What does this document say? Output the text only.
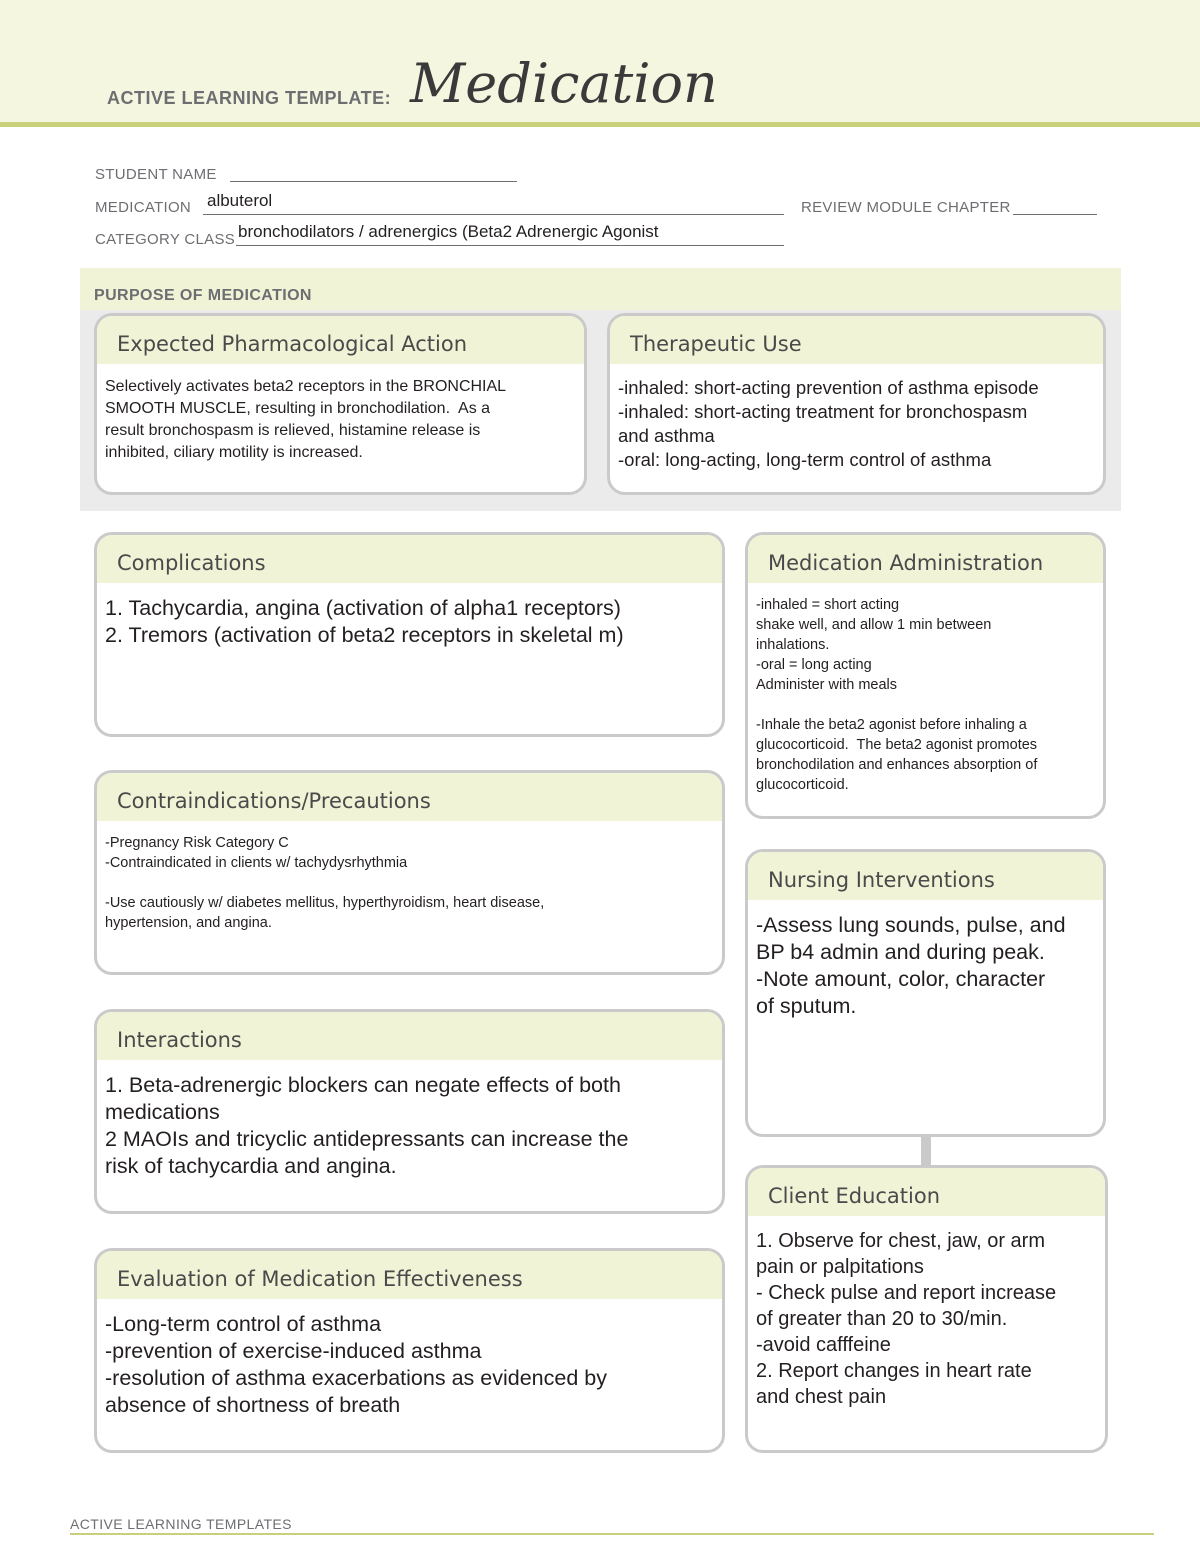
ACTIVE LEARNING TEMPLATE: Medication
STUDENT NAME
MEDICATION albuterol	REVIEW MODULE CHAPTER
CATEGORY CLASS bronchodilators / adrenergics (Beta2 Adrenergic Agonist
PURPOSE OF MEDICATION
Expected Pharmacological Action
Selectively activates beta2 receptors in the BRONCHIAL
SMOOTH MUSCLE, resulting in bronchodilation.  As a
result bronchospasm is relieved, histamine release is
inhibited, ciliary motility is increased.
Therapeutic Use
-inhaled: short-acting prevention of asthma episode
-inhaled: short-acting treatment for bronchospasm
and asthma
-oral: long-acting, long-term control of asthma
Complications
1. Tachycardia, angina (activation of alpha1 receptors)
2. Tremors (activation of beta2 receptors in skeletal m)
Contraindications/Precautions
-Pregnancy Risk Category C
-Contraindicated in clients w/ tachydysrhythmia

-Use cautiously w/ diabetes mellitus, hyperthyroidism, heart disease,
hypertension, and angina.
Interactions
1. Beta-adrenergic blockers can negate effects of both
medications
2 MAOIs and tricyclic antidepressants can increase the
risk of tachycardia and angina.
Evaluation of Medication Effectiveness
-Long-term control of asthma
-prevention of exercise-induced asthma
-resolution of asthma exacerbations as evidenced by
absence of shortness of breath
Medication Administration
-inhaled = short acting
shake well, and allow 1 min between
inhalations.
-oral = long acting
Administer with meals

-Inhale the beta2 agonist before inhaling a
glucocorticoid.  The beta2 agonist promotes
bronchodilation and enhances absorption of
glucocorticoid.
Nursing Interventions
-Assess lung sounds, pulse, and
BP b4 admin and during peak.
-Note amount, color, character
of sputum.
Client Education
1. Observe for chest, jaw, or arm
pain or palpitations
- Check pulse and report increase
of greater than 20 to 30/min.
-avoid cafffeine
2. Report changes in heart rate
and chest pain
ACTIVE LEARNING TEMPLATES
